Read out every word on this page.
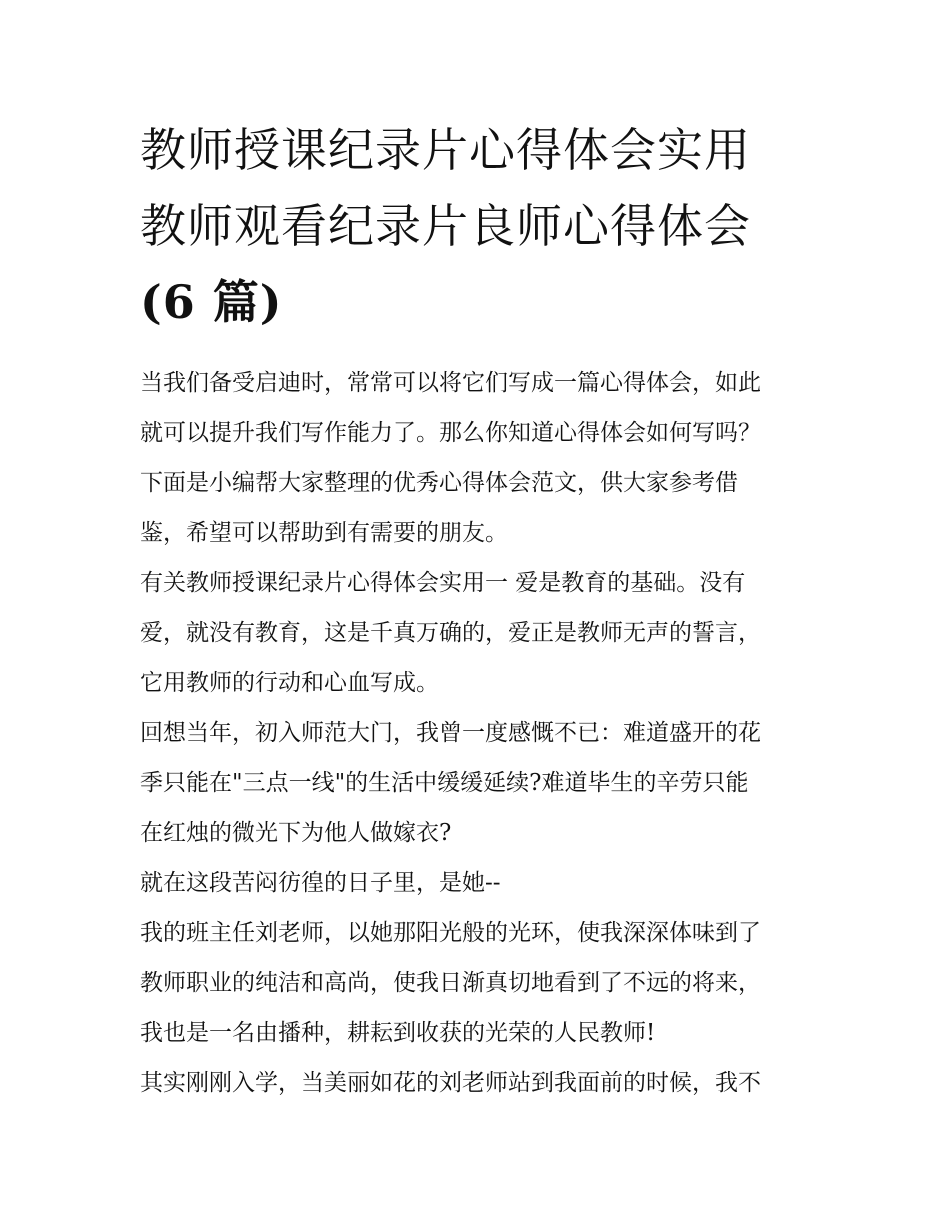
教师授课纪录片心得体会实用
教师观看纪录片良师心得体会
(6 篇)

当我们备受启迪时，常常可以将它们写成一篇心得体会，如此
就可以提升我们写作能力了。那么你知道心得体会如何写吗？
下面是小编帮大家整理的优秀心得体会范文，供大家参考借
鉴，希望可以帮助到有需要的朋友。

有关教师授课纪录片心得体会实用一 爱是教育的基础。没有
爱，就没有教育，这是千真万确的，爱正是教师无声的誓言，
它用教师的行动和心血写成。

回想当年，初入师范大门，我曾一度感慨不已：难道盛开的花
季只能在"三点一线"的生活中缓缓延续?难道毕生的辛劳只能
在红烛的微光下为他人做嫁衣?

就在这段苦闷彷徨的日子里，是她--

我的班主任刘老师，以她那阳光般的光环，使我深深体味到了
教师职业的纯洁和高尚，使我日渐真切地看到了不远的将来，
我也是一名由播种，耕耘到收获的光荣的人民教师!

其实刚刚入学，当美丽如花的刘老师站到我面前的时候，我不
